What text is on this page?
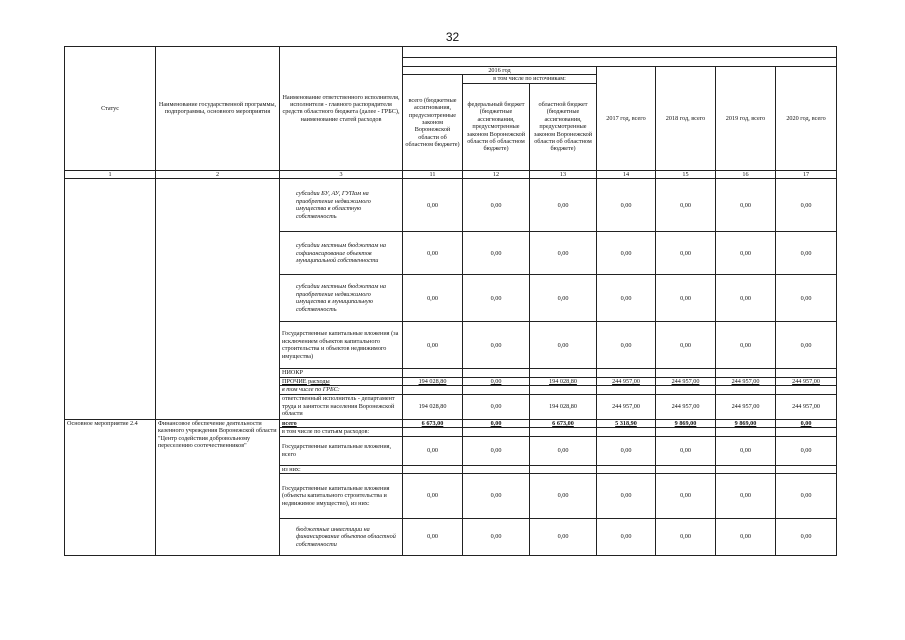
32
Статус	Наименование государственной программы, подпрограммы, основного мероприятия	Наименование ответственного исполнителя, исполнителя - главного распорядителя средств областного бюджета (далее - ГРБС), наименование статей расходов							

			2016 год			2017 год, всего	2018 год, всего	2019 год, всего	2020 год, всего
			всего (бюджетные ассигнования, предусмотренные законом Воронежской области об областном бюджете)	в том числе по источникам:					
				федеральный бюджет (бюджетные ассигнования, предусмотренные законом Воронежской области об областном бюджете)	областной бюджет (бюджетные ассигнования, предусмотренные законом Воронежской области об областном бюджете)				
1	2	3	11	12	13	14	15	16	17
		субсидии БУ, АУ, ГУПам на приобретение недвижимого имущества в областную собственность	0,00	0,00	0,00	0,00	0,00	0,00	0,00
		субсидии местным бюджетам на софинансирование объектов муниципальной собственности	0,00	0,00	0,00	0,00	0,00	0,00	0,00
		субсидии местным бюджетам на приобретение недвижимого имущества в муниципальную собственность	0,00	0,00	0,00	0,00	0,00	0,00	0,00
		Государственные капитальные вложения (за исключением объектов капитального строительства и объектов недвижимого имущества)	0,00	0,00	0,00	0,00	0,00	0,00	0,00
		НИОКР							
		ПРОЧИЕ расходы	194 028,80	0,00	194 028,80	244 957,00	244 957,00	244 957,00	244 957,00
		в том числе по ГРБС:							
		ответственный исполнитель - департамент труда и занятости населения Воронежской области	194 028,80	0,00	194 028,80	244 957,00	244 957,00	244 957,00	244 957,00
Основное мероприятие 2.4	Финансовое обеспечение деятельности казенного учреждения Воронежской области "Центр содействия добровольному переселению соотечественников"	всего	6 673,00	0,00	6 673,00	5 318,90	9 869,00	9 869,00	0,00
		в том числе по статьям расходов:							
		Государственные капитальные вложения, всего	0,00	0,00	0,00	0,00	0,00	0,00	0,00
		из них:							
		Государственные капитальные вложения (объекты капитального строительства и недвижимое имущество), из них:	0,00	0,00	0,00	0,00	0,00	0,00	0,00
		бюджетные инвестиции на финансирование объектов областной собственности	0,00	0,00	0,00	0,00	0,00	0,00	0,00
